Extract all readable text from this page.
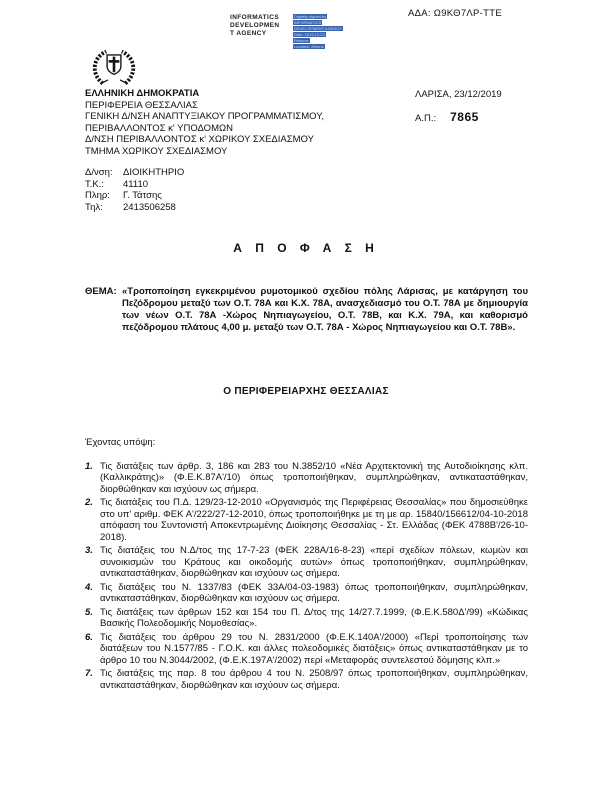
ΑΔΑ: Ω9ΚΘ7ΛΡ-ΤΤΕ
INFORMATICS
DEVELOPMEN
T AGENCY
Digitally signed by
INFORMATICS
DEVELOPMENT AGENCY
Date: 2019.12.23
Reason:
Location: Athens
ΕΛΛΗΝΙΚΗ ΔΗΜΟΚΡΑΤΙΑ
ΠΕΡΙΦΕΡΕΙΑ ΘΕΣΣΑΛΙΑΣ
ΓΕΝΙΚΗ Δ/ΝΣΗ ΑΝΑΠΤΥΞΙΑΚΟΥ ΠΡΟΓΡΑΜΜΑΤΙΣΜΟΥ,
ΠΕΡΙΒΑΛΛΟΝΤΟΣ κ' ΥΠΟΔΟΜΩΝ
Δ/ΝΣΗ ΠΕΡΙΒΑΛΛΟΝΤΟΣ κ' ΧΩΡΙΚΟΥ ΣΧΕΔΙΑΣΜΟΥ
ΤΜΗΜΑ ΧΩΡΙΚΟΥ ΣΧΕΔΙΑΣΜΟΥ
ΛΑΡΙΣΑ, 23/12/2019
Α.Π.: 7865
Δ/νση:	ΔΙΟΙΚΗΤΗΡΙΟ
Τ.Κ.:	41110
Πληρ:	Γ. Τάτσης
Τηλ:	2413506258
Α Π Ο Φ Α Σ Η
ΘΕΜΑ: «Τροποποίηση εγκεκριμένου ρυμοτομικού σχεδίου πόλης Λάρισας, με κατάργηση του Πεζόδρομου μεταξύ των Ο.Τ. 78Α και Κ.Χ. 78Α, ανασχεδιασμό του Ο.Τ. 78Α με δημιουργία των νέων Ο.Τ. 78Α -Χώρος Νηπιαγωγείου, Ο.Τ. 78Β, και Κ.Χ. 79Α, και καθορισμό πεζόδρομου πλάτους 4,00 μ. μεταξύ των Ο.Τ. 78Α - Χώρος Νηπιαγωγείου και Ο.Τ. 78Β».
Ο ΠΕΡΙΦΕΡΕΙΑΡΧΗΣ ΘΕΣΣΑΛΙΑΣ
Έχοντας υπόψη:
1. Τις διατάξεις των άρθρ. 3, 186 και 283 του Ν.3852/10 «Νέα Αρχιτεκτονική της Αυτοδιοίκησης κλπ. (Καλλικράτης)» (Φ.Ε.Κ.87Α'/10) όπως τροποποιήθηκαν, συμπληρώθηκαν, αντικαταστάθηκαν, διορθώθηκαν και ισχύουν ως σήμερα.
2. Τις διατάξεις του Π.Δ. 129/23-12-2010 «Οργανισμός της Περιφέρειας Θεσσαλίας» που δημοσιεύθηκε στο υπ' αριθμ. ΦΕΚ Α'/222/27-12-2010, όπως τροποποιήθηκε με τη με αρ. 15840/156612/04-10-2018 απόφαση του Συντονιστή Αποκεντρωμένης Διοίκησης Θεσσαλίας - Στ. Ελλάδας (ΦΕΚ 4788Β'/26-10-2018).
3. Τις διατάξεις του Ν.Δ/τος της 17-7-23 (ΦΕΚ 228Α/16-8-23) «περί σχεδίων πόλεων, κωμών και συνοικισμών του Κράτους και οικοδομής αυτών» όπως τροποποιήθηκαν, συμπληρώθηκαν, αντικαταστάθηκαν, διορθώθηκαν και ισχύουν ως σήμερα.
4. Τις διατάξεις του Ν. 1337/83 (ΦΕΚ 33Α/04-03-1983) όπως τροποποιήθηκαν, συμπληρώθηκαν, αντικαταστάθηκαν, διορθώθηκαν και ισχύουν ως σήμερα.
5. Τις διατάξεις των άρθρων 152 και 154 του Π. Δ/τος της 14/27.7.1999, (Φ.Ε.Κ.580Δ'/99) «Κώδικας Βασικής Πολεοδομικής Νομοθεσίας».
6. Τις διατάξεις του άρθρου 29 του Ν. 2831/2000 (Φ.Ε.Κ.140Α'/2000) «Περί τροποποίησης των διατάξεων του Ν.1577/85 - Γ.Ο.Κ. και άλλες πολεοδομικές διατάξεις» όπως αντικαταστάθηκαν με το άρθρο 10 του Ν.3044/2002, (Φ.Ε.Κ.197Α'/2002) περί «Μεταφοράς συντελεστού δόμησης κλπ.»
7. Τις διατάξεις της παρ. 8 του άρθρου 4 του Ν. 2508/97 όπως τροποποιήθηκαν, συμπληρώθηκαν, αντικαταστάθηκαν, διορθώθηκαν και ισχύουν ως σήμερα.
